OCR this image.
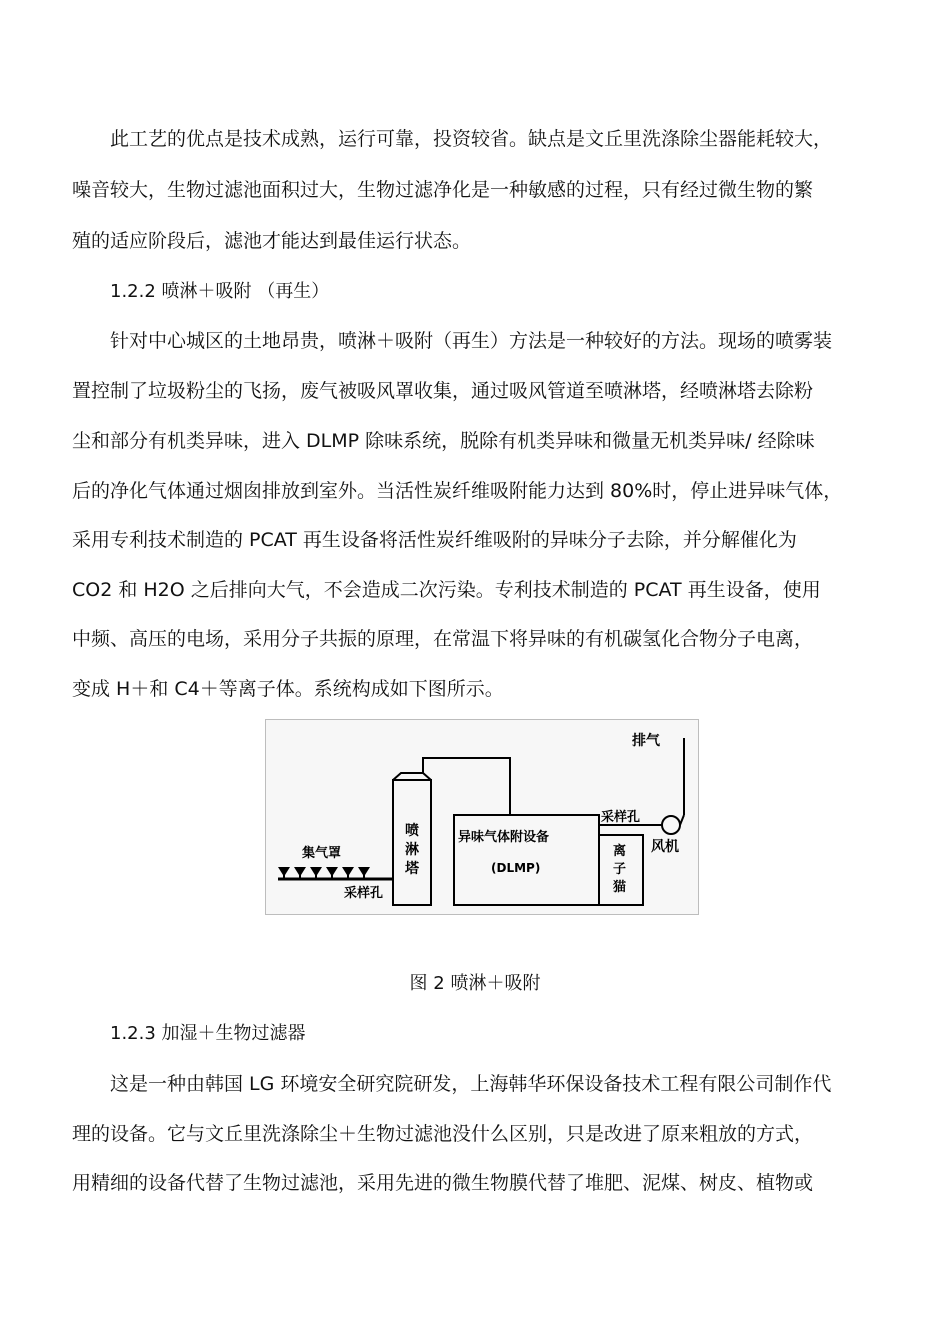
此工艺的优点是技术成熟，运行可靠，投资较省。缺点是文丘里洗涤除尘器能耗较大，
噪音较大，生物过滤池面积过大，生物过滤净化是一种敏感的过程，只有经过微生物的繁
殖的适应阶段后，滤池才能达到最佳运行状态。
1.2.2 喷淋＋吸附 （再生）
针对中心城区的土地昂贵，喷淋＋吸附（再生）方法是一种较好的方法。现场的喷雾装
置控制了垃圾粉尘的飞扬，废气被吸风罩收集，通过吸风管道至喷淋塔，经喷淋塔去除粉
尘和部分有机类异味，进入 DLMP 除味系统，脱除有机类异味和微量无机类异味/ 经除味
后的净化气体通过烟囱排放到室外。当活性炭纤维吸附能力达到 80%时，停止进异味气体，
采用专利技术制造的 PCAT 再生设备将活性炭纤维吸附的异味分子去除，并分解催化为
CO2 和 H2O 之后排向大气，不会造成二次污染。专利技术制造的 PCAT 再生设备，使用
中频、高压的电场，采用分子共振的原理，在常温下将异味的有机碳氢化合物分子电离，
变成 H＋和 C4＋等离子体。系统构成如下图所示。
排气
采样孔
风机
喷
淋
塔
异味气体附设备
(DLMP)
离
子
猫
集气罩
采样孔
图 2 喷淋＋吸附
1.2.3 加湿＋生物过滤器
这是一种由韩国 LG 环境安全研究院研发，上海韩华环保设备技术工程有限公司制作代
理的设备。它与文丘里洗涤除尘＋生物过滤池没什么区别，只是改进了原来粗放的方式，
用精细的设备代替了生物过滤池，采用先进的微生物膜代替了堆肥、泥煤、树皮、植物或
